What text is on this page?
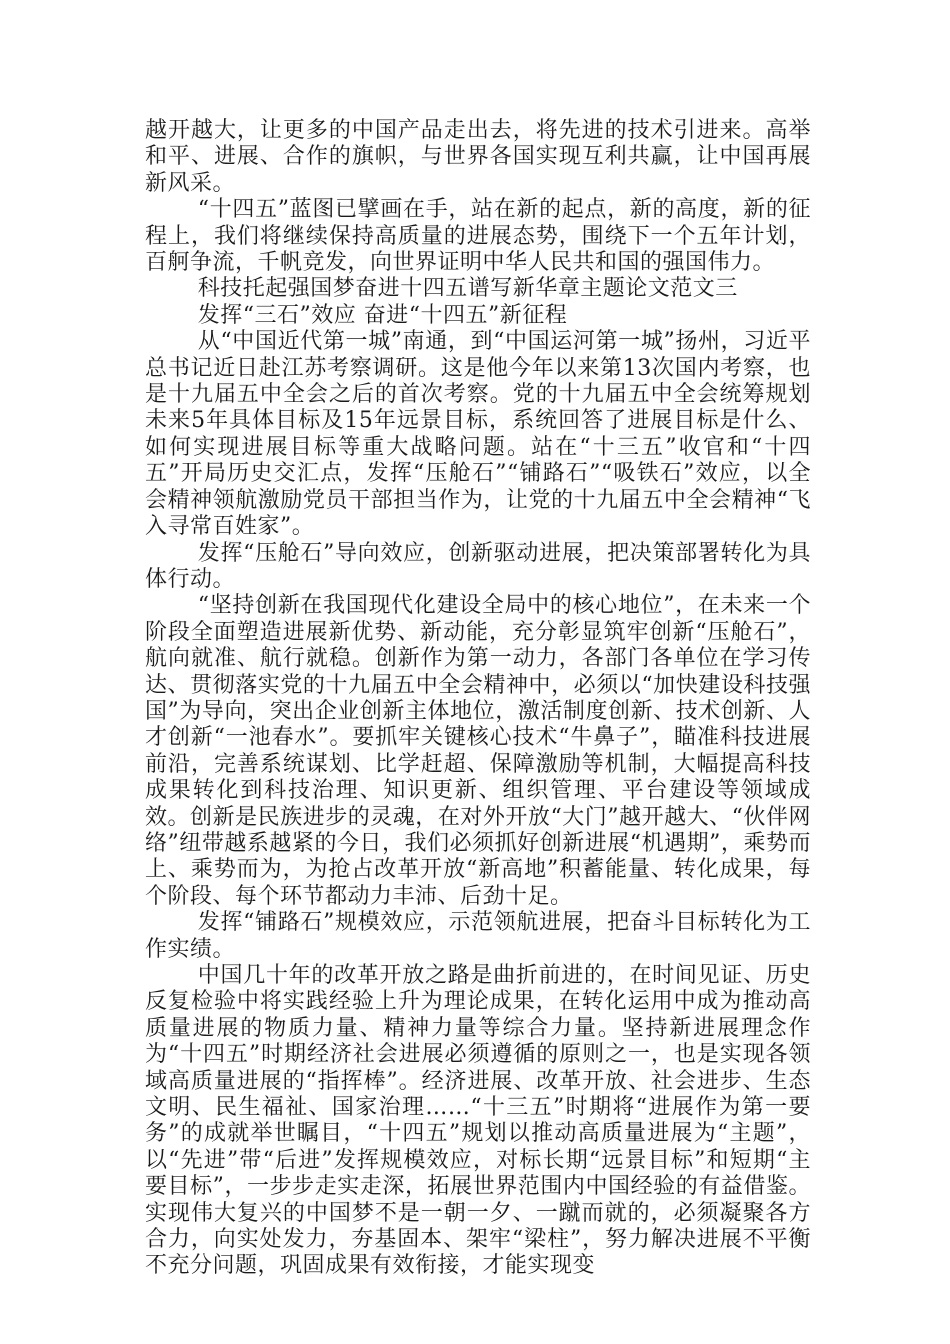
越开越大，让更多的中国产品走出去，将先进的技术引进来。高举和平、进展、合作的旗帜，与世界各国实现互利共赢，让中国再展新风采。

“十四五”蓝图已擘画在手，站在新的起点，新的高度，新的征程上，我们将继续保持高质量的进展态势，围绕下一个五年计划，百舸争流，千帆竞发，向世界证明中华人民共和国的强国伟力。

科技托起强国梦奋进十四五谱写新华章主题论文范文三

发挥“三石”效应 奋进“十四五”新征程

从“中国近代第一城”南通，到“中国运河第一城”扬州，习近平总书记近日赴江苏考察调研。这是他今年以来第13次国内考察，也是十九届五中全会之后的首次考察。党的十九届五中全会统筹规划未来5年具体目标及15年远景目标，系统回答了进展目标是什么、如何实现进展目标等重大战略问题。站在“十三五”收官和“十四五”开局历史交汇点，发挥“压舱石”“铺路石”“吸铁石”效应，以全会精神领航激励党员干部担当作为，让党的十九届五中全会精神“飞入寻常百姓家”。

发挥“压舱石”导向效应，创新驱动进展，把决策部署转化为具体行动。

“坚持创新在我国现代化建设全局中的核心地位”，在未来一个阶段全面塑造进展新优势、新动能，充分彰显筑牢创新“压舱石”，航向就准、航行就稳。创新作为第一动力，各部门各单位在学习传达、贯彻落实党的十九届五中全会精神中，必须以“加快建设科技强国”为导向，突出企业创新主体地位，激活制度创新、技术创新、人才创新“一池春水”。要抓牢关键核心技术“牛鼻子”，瞄准科技进展前沿，完善系统谋划、比学赶超、保障激励等机制，大幅提高科技成果转化到科技治理、知识更新、组织管理、平台建设等领域成效。创新是民族进步的灵魂，在对外开放“大门”越开越大、“伙伴网络”纽带越系越紧的今日，我们必须抓好创新进展“机遇期”，乘势而上、乘势而为，为抢占改革开放“新高地”积蓄能量、转化成果，每个阶段、每个环节都动力丰沛、后劲十足。

发挥“铺路石”规模效应，示范领航进展，把奋斗目标转化为工作实绩。

中国几十年的改革开放之路是曲折前进的，在时间见证、历史反复检验中将实践经验上升为理论成果，在转化运用中成为推动高质量进展的物质力量、精神力量等综合力量。坚持新进展理念作为“十四五”时期经济社会进展必须遵循的原则之一，也是实现各领域高质量进展的“指挥棒”。经济进展、改革开放、社会进步、生态文明、民生福祉、国家治理……“十三五”时期将“进展作为第一要务”的成就举世瞩目，“十四五”规划以推动高质量进展为“主题”，以“先进”带“后进”发挥规模效应，对标长期“远景目标”和短期“主要目标”，一步步走实走深，拓展世界范围内中国经验的有益借鉴。实现伟大复兴的中国梦不是一朝一夕、一蹴而就的，必须凝聚各方合力，向实处发力，夯基固本、架牢“梁柱”，努力解决进展不平衡不充分问题，巩固成果有效衔接，才能实现变
